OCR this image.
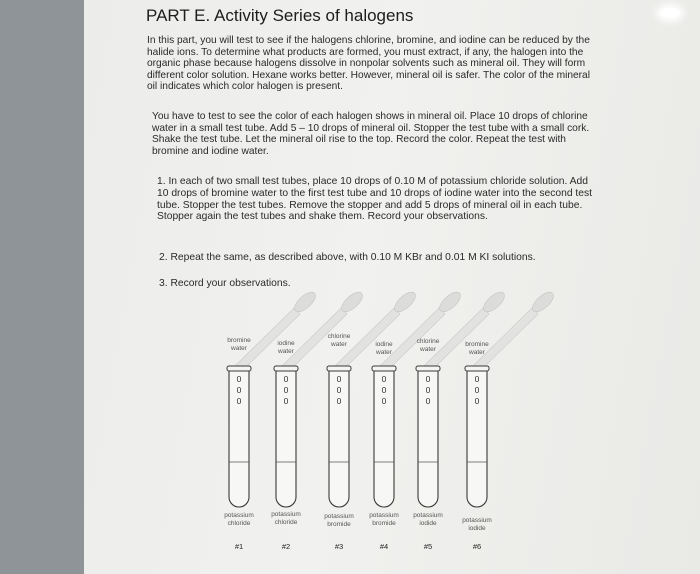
PART E. Activity Series of halogens

In this part, you will test to see if the halogens chlorine, bromine, and iodine can be reduced by the halide ions. To determine what products are formed, you must extract, if any, the halogen into the organic phase because halogens dissolve in nonpolar solvents such as mineral oil. They will form different color solution. Hexane works better. However, mineral oil is safer. The color of the mineral oil indicates which color halogen is present.

You have to test to see the color of each halogen shows in mineral oil. Place 10 drops of chlorine water in a small test tube. Add 5 – 10 drops of mineral oil. Stopper the test tube with a small cork. Shake the test tube. Let the mineral oil rise to the top. Record the color. Repeat the test with bromine and iodine water.

1. In each of two small test tubes, place 10 drops of 0.10 M of potassium chloride solution. Add 10 drops of bromine water to the first test tube and 10 drops of iodine water into the second test tube. Stopper the test tubes. Remove the stopper and add 5 drops of mineral oil in each tube. Stopper again the test tubes and shake them. Record your observations.

2. Repeat the same, as described above, with 0.10 M KBr and 0.01 M KI solutions.

3. Record your observations.

bromine
water
0
0
0
potassium
chloride
#1
iodine
water
0
0
0
potassium
chloride
#2
chlorine
water
0
0
0
potassium
bromide
#3
iodine
water
0
0
0
potassium
bromide
#4
chlorine
water
0
0
0
potassium
iodide
#5
bromine
water
0
0
0
potassium
iodide
#6
